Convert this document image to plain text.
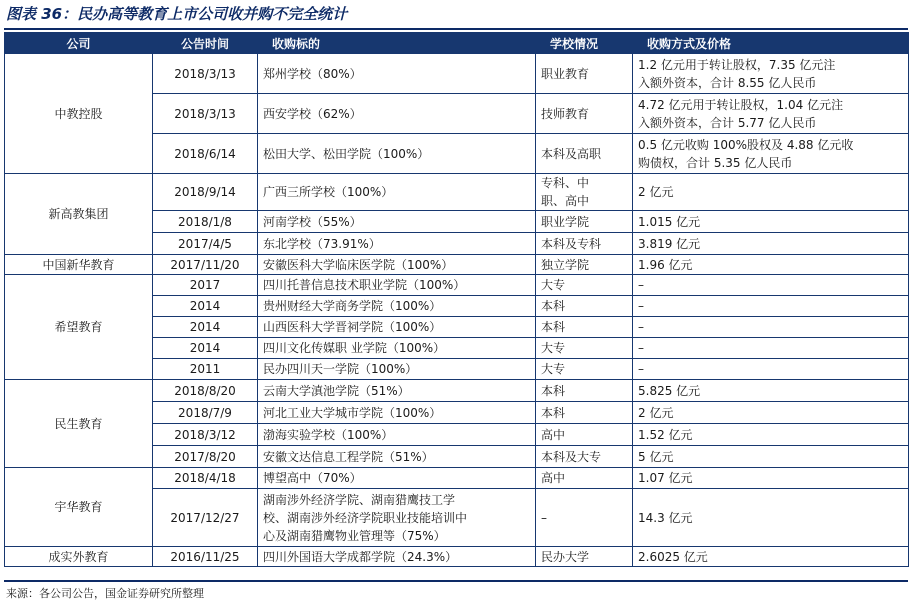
图表 36：民办高等教育上市公司收并购不完全统计
公司	公告时间	收购标的	学校情况	收购方式及价格
中教控股	2018/3/13	郑州学校（80%）	职业教育	1.2 亿元用于转让股权，7.35 亿元注
入额外资本，合计 8.55 亿人民币
	2018/3/13	西安学校（62%）	技师教育	4.72 亿元用于转让股权，1.04 亿元注
入额外资本，合计 5.77 亿人民币
	2018/6/14	松田大学、松田学院（100%）	本科及高职	0.5 亿元收购 100%股权及 4.88 亿元收
购债权，合计 5.35 亿人民币
新高教集团	2018/9/14	广西三所学校（100%）	专科、中
职、高中	2 亿元
	2018/1/8	河南学校（55%）	职业学院	1.015 亿元
	2017/4/5	东北学校（73.91%）	本科及专科	3.819 亿元
中国新华教育	2017/11/20	安徽医科大学临床医学院（100%）	独立学院	1.96 亿元
希望教育	2017	四川托普信息技术职业学院（100%）	大专	–
	2014	贵州财经大学商务学院（100%）	本科	–
	2014	山西医科大学晋祠学院（100%）	本科	–
	2014	四川文化传媒职 业学院（100%）	大专	–
	2011	民办四川天一学院（100%）	大专	–
民生教育	2018/8/20	云南大学滇池学院（51%）	本科	5.825 亿元
	2018/7/9	河北工业大学城市学院（100%）	本科	2 亿元
	2018/3/12	渤海实验学校（100%）	高中	1.52 亿元
	2017/8/20	安徽文达信息工程学院（51%）	本科及大专	5 亿元
宇华教育	2018/4/18	博望高中（70%）	高中	1.07 亿元
	2017/12/27	湖南涉外经济学院、湖南猎鹰技工学
校、湖南涉外经济学院职业技能培训中
心及湖南猎鹰物业管理等（75%）	–	14.3 亿元
成实外教育	2016/11/25	四川外国语大学成都学院（24.3%）	民办大学	2.6025 亿元
来源：各公司公告，国金证券研究所整理
